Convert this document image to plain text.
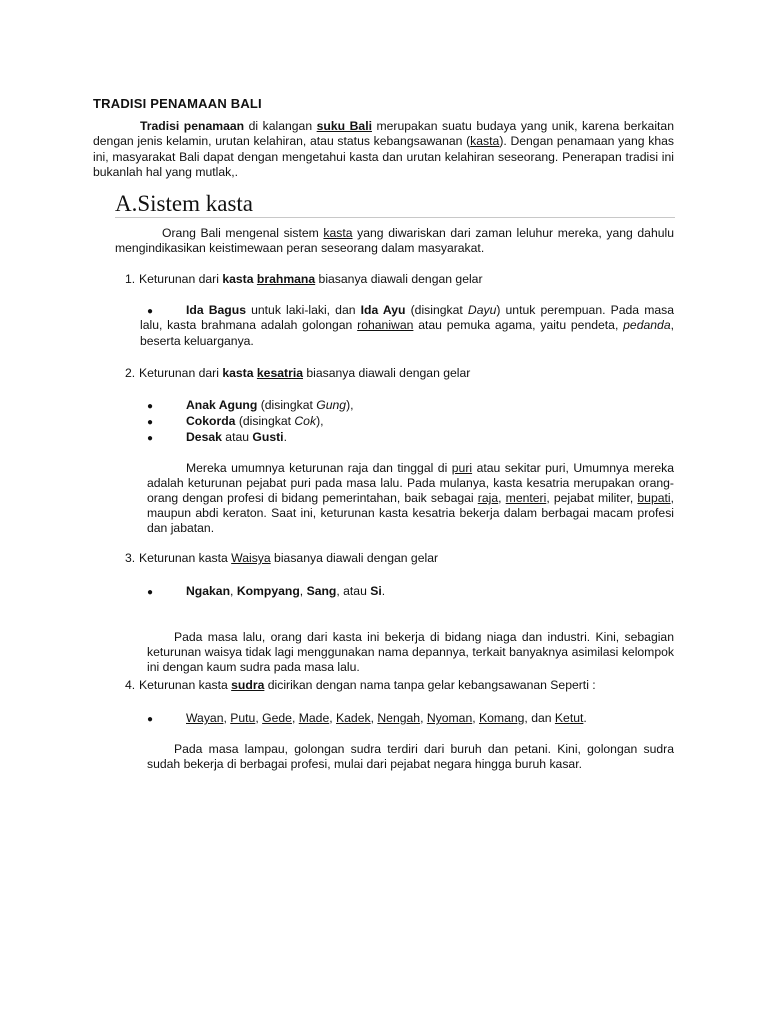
TRADISI PENAMAAN BALI
Tradisi penamaan di kalangan suku Bali merupakan suatu budaya yang unik, karena berkaitan dengan jenis kelamin, urutan kelahiran, atau status kebangsawanan (kasta). Dengan penamaan yang khas ini, masyarakat Bali dapat dengan mengetahui kasta dan urutan kelahiran seseorang. Penerapan tradisi ini bukanlah hal yang mutlak,.
A.Sistem kasta
Orang Bali mengenal sistem kasta yang diwariskan dari zaman leluhur mereka, yang dahulu mengindikasikan keistimewaan peran seseorang dalam masyarakat.
1. Keturunan dari kasta brahmana biasanya diawali dengan gelar
●	Ida Bagus untuk laki-laki, dan Ida Ayu (disingkat Dayu) untuk perempuan. Pada masa lalu, kasta brahmana adalah golongan rohaniwan atau pemuka agama, yaitu pendeta, pedanda, beserta keluarganya.
2. Keturunan dari kasta kesatria biasanya diawali dengan gelar
●	Anak Agung (disingkat Gung),
●	Cokorda (disingkat Cok),
●	Desak atau Gusti.
Mereka umumnya keturunan raja dan tinggal di puri atau sekitar puri, Umumnya mereka adalah keturunan pejabat puri pada masa lalu. Pada mulanya, kasta kesatria merupakan orang-orang dengan profesi di bidang pemerintahan, baik sebagai raja, menteri, pejabat militer, bupati, maupun abdi keraton. Saat ini, keturunan kasta kesatria bekerja dalam berbagai macam profesi dan jabatan.
3. Keturunan kasta Waisya biasanya diawali dengan gelar
●	Ngakan, Kompyang, Sang, atau Si.
Pada masa lalu, orang dari kasta ini bekerja di bidang niaga dan industri. Kini, sebagian keturunan waisya tidak lagi menggunakan nama depannya, terkait banyaknya asimilasi kelompok ini dengan kaum sudra pada masa lalu.
4. Keturunan kasta sudra dicirikan dengan nama tanpa gelar kebangsawanan Seperti :
●	Wayan, Putu, Gede, Made, Kadek, Nengah, Nyoman, Komang, dan Ketut.
Pada masa lampau, golongan sudra terdiri dari buruh dan petani. Kini, golongan sudra sudah bekerja di berbagai profesi, mulai dari pejabat negara hingga buruh kasar.
